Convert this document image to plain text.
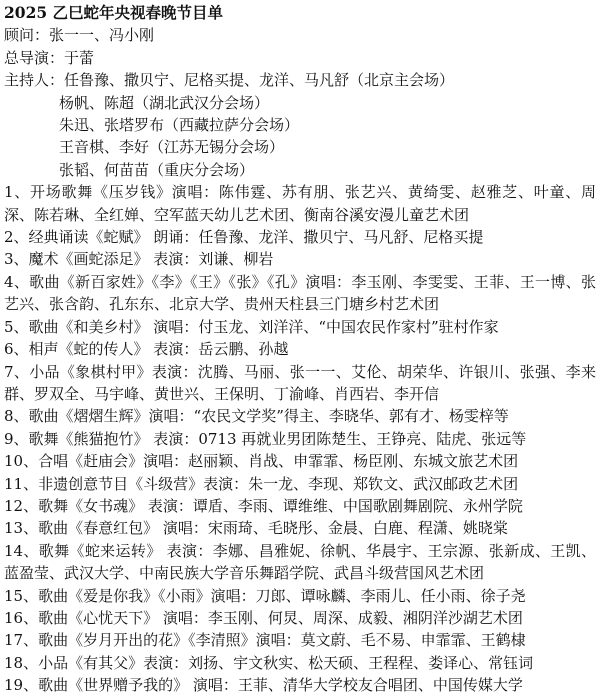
2025 乙巳蛇年央视春晚节目单
顾问：张一一、冯小刚
总导演：于蕾
主持人：任鲁豫、撒贝宁、尼格买提、龙洋、马凡舒（北京主会场）
杨帆、陈超（湖北武汉分会场）
朱迅、张塔罗布（西藏拉萨分会场）
王音棋、李好（江苏无锡分会场）
张韬、何苗苗（重庆分会场）
1、开场歌舞《压岁钱》演唱：陈伟霆、苏有朋、张艺兴、黄绮雯、赵雅芝、叶童、周深、陈若琳、全红婵、空军蓝天幼儿艺术团、衡南谷溪安漫儿童艺术团
2、经典诵读《蛇赋》 朗诵：任鲁豫、龙洋、撒贝宁、马凡舒、尼格买提
3、魔术《画蛇添足》 表演：刘谦、柳岩
4、歌曲《新百家姓》《李》《王》《张》《孔》演唱：李玉刚、李雯雯、王菲、王一博、张艺兴、张含韵、孔东东、北京大学、贵州天柱县三门塘乡村艺术团
5、歌曲《和美乡村》 演唱：付玉龙、刘洋洋、“中国农民作家村”驻村作家
6、相声《蛇的传人》 表演：岳云鹏、孙越
7、小品《象棋村甲》表演：沈腾、马丽、张一一、艾伦、胡荣华、许银川、张强、李来群、罗双全、马宇峰、黄世兴、王保明、丁渝峰、肖西岩、李开信
8、歌曲《熠熠生辉》演唱：“农民文学奖”得主、李晓华、郭有才、杨雯梓等
9、歌舞《熊猫抱竹》 表演：0713 再就业男团陈楚生、王铮亮、陆虎、张远等
10、合唱《赶庙会》演唱：赵丽颖、肖战、申霏霏、杨臣刚、东城文旅艺术团
11、非遗创意节目《斗级营》表演：朱一龙、李现、郑钦文、武汉邮政艺术团
12、歌舞《女书魂》 表演：谭盾、李雨、谭维维、中国歌剧舞剧院、永州学院
13、歌曲《春意红包》 演唱：宋雨琦、毛晓彤、金晨、白鹿、程潇、姚晓棠
14、歌舞《蛇来运转》 表演：李娜、昌雅妮、徐帆、华晨宇、王宗源、张新成、王凯、蓝盈莹、武汉大学、中南民族大学音乐舞蹈学院、武昌斗级营国风艺术团
15、歌曲《爱是你我》《小雨》演唱：刀郎、谭咏麟、李雨儿、任小雨、徐子尧
16、歌曲《心忧天下》 演唱：李玉刚、何炅、周深、成毅、湘阴洋沙湖艺术团
17、歌曲《岁月开出的花》《李清照》演唱：莫文蔚、毛不易、申霏霏、王鹤棣
18、小品《有其父》表演：刘扬、宇文秋实、松天硕、王程程、娄译心、常钰词
19、歌曲《世界赠予我的》 演唱：王菲、清华大学校友合唱团、中国传媒大学
